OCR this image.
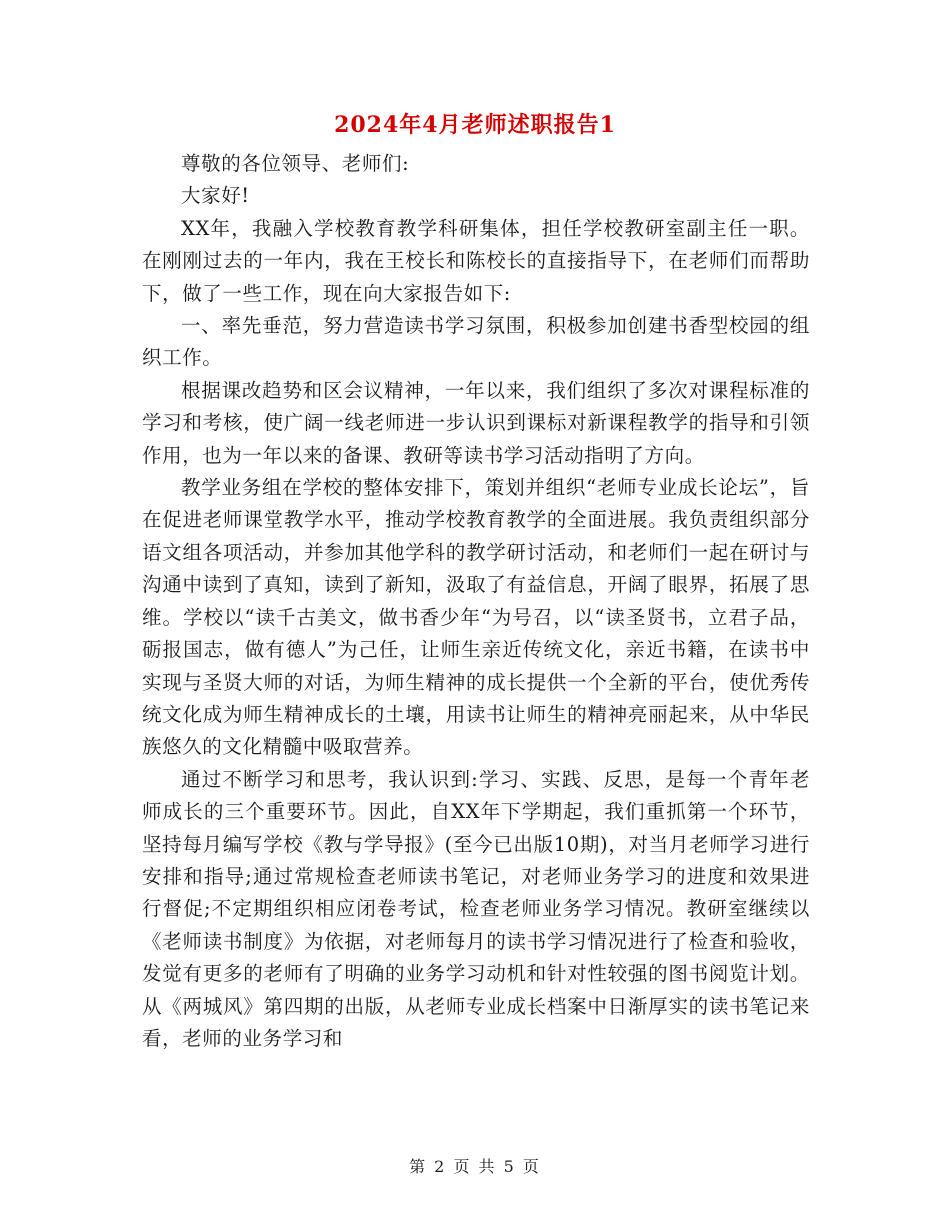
2024年4月老师述职报告1

尊敬的各位领导、老师们:

大家好!

XX年，我融入学校教育教学科研集体，担任学校教研室副主任一职。在刚刚过去的一年内，我在王校长和陈校长的直接指导下，在老师们而帮助下，做了一些工作，现在向大家报告如下:

一、率先垂范，努力营造读书学习氛围，积极参加创建书香型校园的组织工作。

根据课改趋势和区会议精神，一年以来，我们组织了多次对课程标准的学习和考核，使广阔一线老师进一步认识到课标对新课程教学的指导和引领作用，也为一年以来的备课、教研等读书学习活动指明了方向。

教学业务组在学校的整体安排下，策划并组织“老师专业成长论坛”，旨在促进老师课堂教学水平，推动学校教育教学的全面进展。我负责组织部分语文组各项活动，并参加其他学科的教学研讨活动，和老师们一起在研讨与沟通中读到了真知，读到了新知，汲取了有益信息，开阔了眼界，拓展了思维。学校以“读千古美文，做书香少年“为号召，以“读圣贤书，立君子品，砺报国志，做有德人”为己任，让师生亲近传统文化，亲近书籍，在读书中实现与圣贤大师的对话，为师生精神的成长提供一个全新的平台，使优秀传统文化成为师生精神成长的土壤，用读书让师生的精神亮丽起来，从中华民族悠久的文化精髓中吸取营养。

通过不断学习和思考，我认识到:学习、实践、反思，是每一个青年老师成长的三个重要环节。因此，自XX年下学期起，我们重抓第一个环节，坚持每月编写学校《教与学导报》(至今已出版10期)，对当月老师学习进行安排和指导;通过常规检查老师读书笔记，对老师业务学习的进度和效果进行督促;不定期组织相应闭卷考试，检查老师业务学习情况。教研室继续以《老师读书制度》为依据，对老师每月的读书学习情况进行了检查和验收，发觉有更多的老师有了明确的业务学习动机和针对性较强的图书阅览计划。从《两城风》第四期的出版，从老师专业成长档案中日渐厚实的读书笔记来看，老师的业务学习和

第 2 页 共 5 页
